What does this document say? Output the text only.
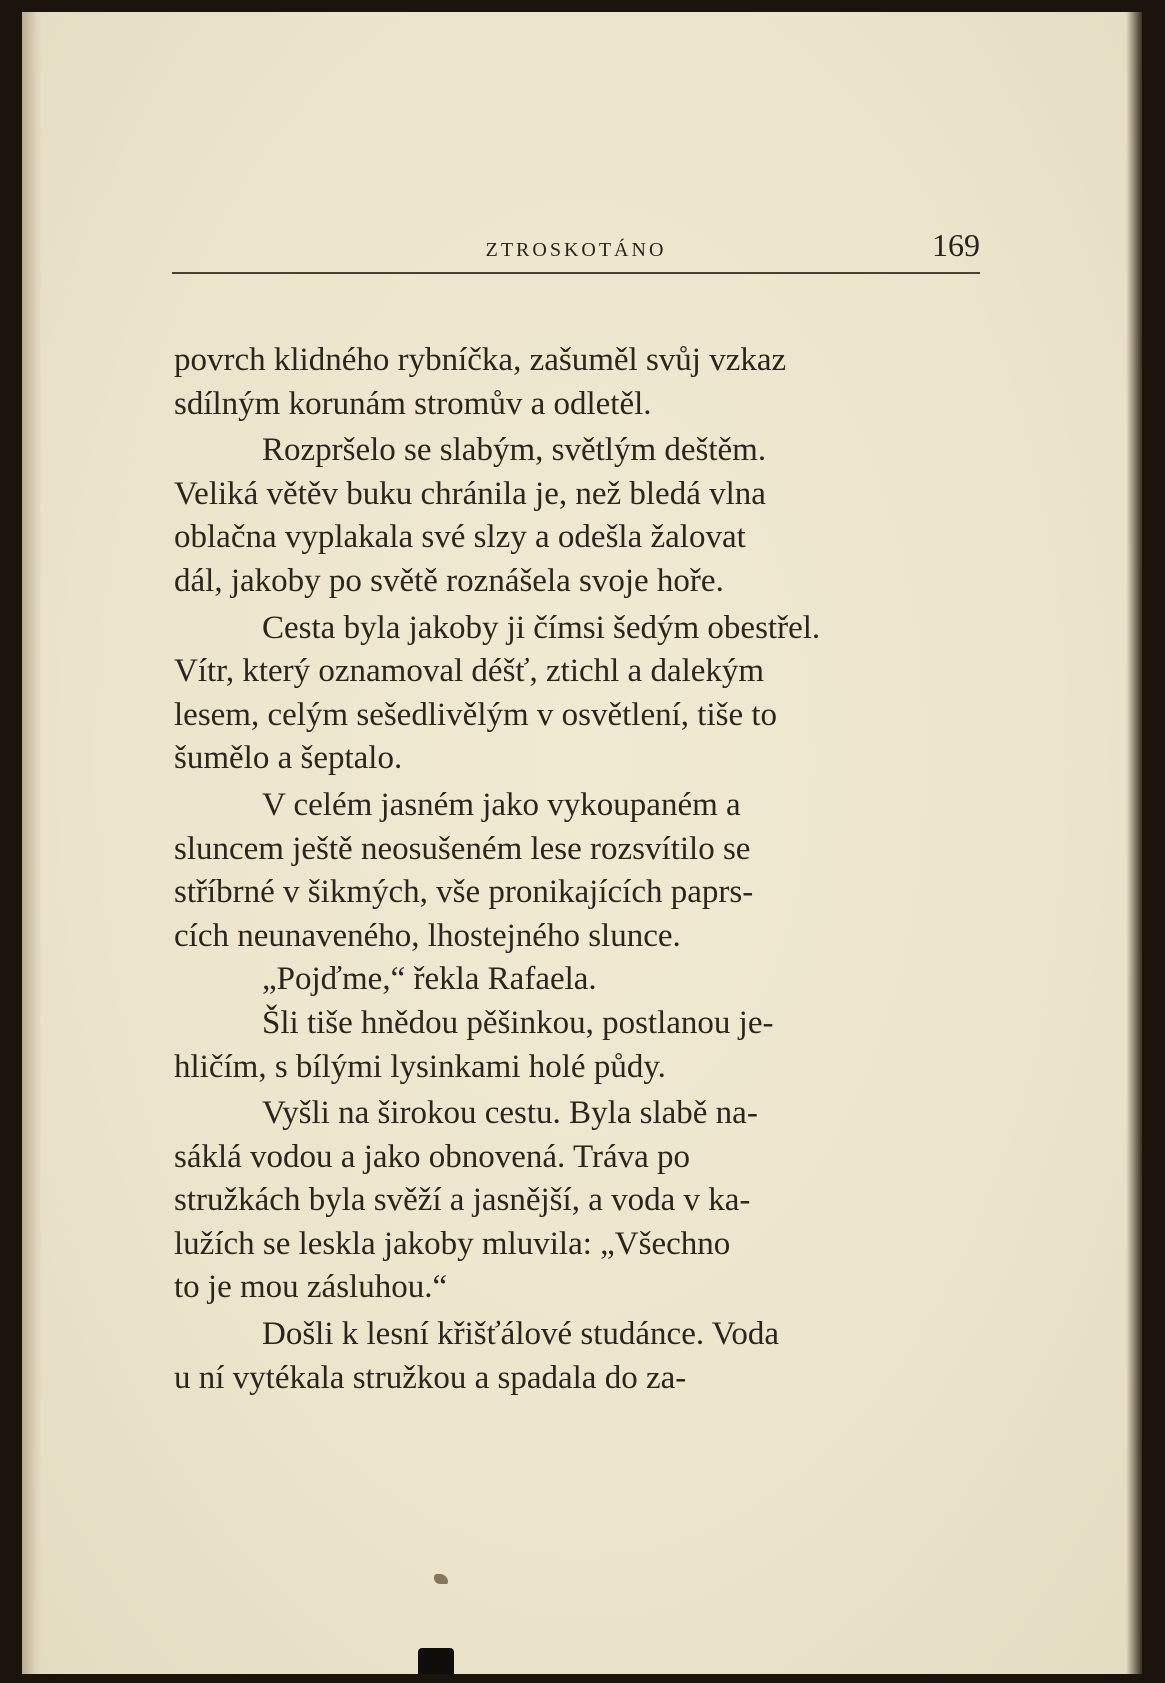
ZTROSKOTÁNO	169

povrch klidného rybníčka, zašuměl svůj vzkaz
sdílným korunám stromův a odletěl.

Rozpršelo se slabým, světlým deštěm.
Veliká větěv buku chránila je, než bledá vlna
oblačna vyplakala své slzy a odešla žalovat
dál, jakoby po světě roznášela svoje hoře.

Cesta byla jakoby ji čímsi šedým obestřel.
Vítr, který oznamoval déšť, ztichl a dalekým
lesem, celým sešedlivělým v osvětlení, tiše to
šumělo a šeptalo.

V celém jasném jako vykoupaném a
sluncem ještě neosušeném lese rozsvítilo se
stříbrné v šikmých, vše pronikajících paprs-
cích neunaveného, lhostejného slunce.

„Pojďme,“ řekla Rafaela.

Šli tiše hnědou pěšinkou, postlanou je-
hličím, s bílými lysinkami holé půdy.

Vyšli na širokou cestu. Byla slabě na-
sáklá vodou a jako obnovená. Tráva po
stružkách byla svěží a jasnější, a voda v ka-
lužích se leskla jakoby mluvila: „Všechno
to je mou zásluhou.“

Došli k lesní křišťálové studánce. Voda
u ní vytékala stružkou a spadala do za-
